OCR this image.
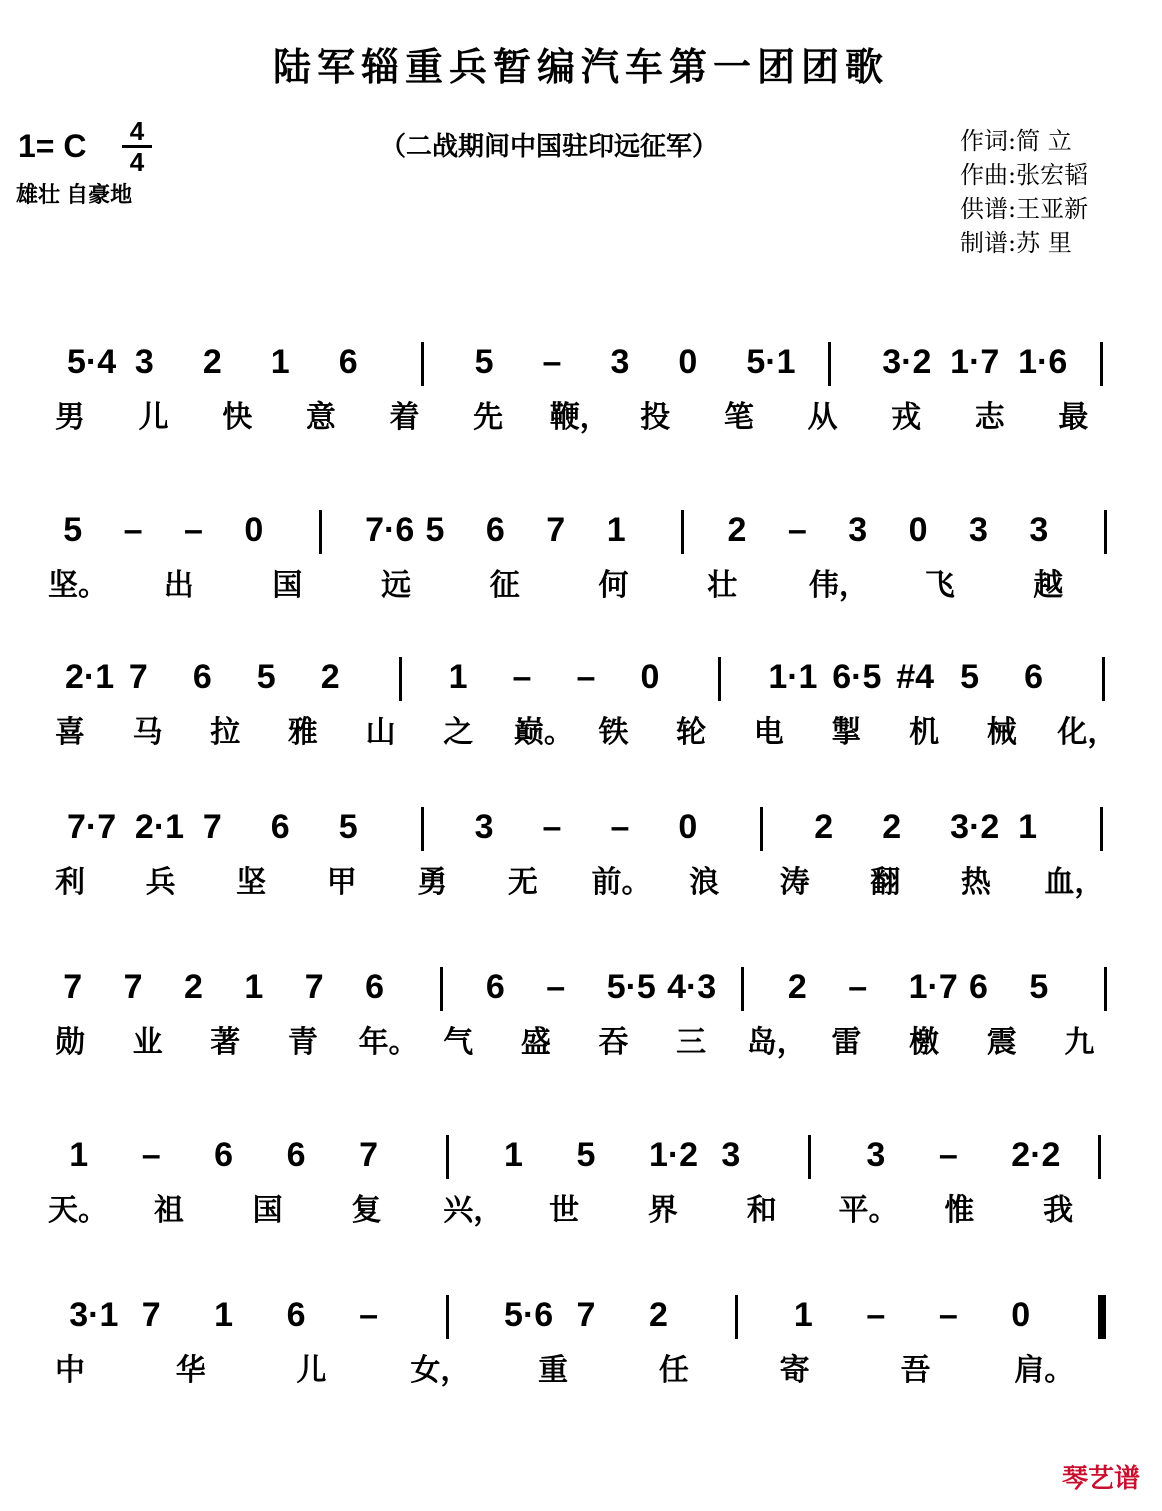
陆军辎重兵暂编汽车第一团团歌
1= C 4
4
雄壮 自豪地
（二战期间中国驻印远征军）	作词:简 立
作曲:张宏韬
供谱:王亚新
制谱:苏 里
5·4 3 2 1 6	5 – 3 0 5·1	3·2 1·7 1·6
男 儿 快 意 着 先 鞭， 投 笔 从 戎 志 最
5 – – 0	7·6 5 6 7 1	2 – 3 0 3 3
坚。 出	国	远	征	何	壮 伟， 飞	越
2·1 7 6 5 2	1 – – 0	1·1 6·5 #4 5 6
喜 马 拉 雅 山 之 巅。 铁 轮 电 掣 机 械 化，
7·7 2·1 7 6 5	3 – – 0	2 2 3·2 1
利 兵 坚 甲 勇 无 前。 浪 涛 翻 热 血，
7 7 2 1 7 6	6 – 5·5 4·3 2 – 1·7 6 5
勋 业 著 青 年。 气 盛 吞 三 岛， 雷 檄 震 九
1 – 6 6 7	1 5 1·2 3	3 – 2·2
天。 祖 国 复 兴， 世 界 和 平。 惟 我
3·1 7 1 6 –	5·6 7 2	1 – – 0
中	华	儿	女， 重	任	寄	吾	肩。
琴艺谱
